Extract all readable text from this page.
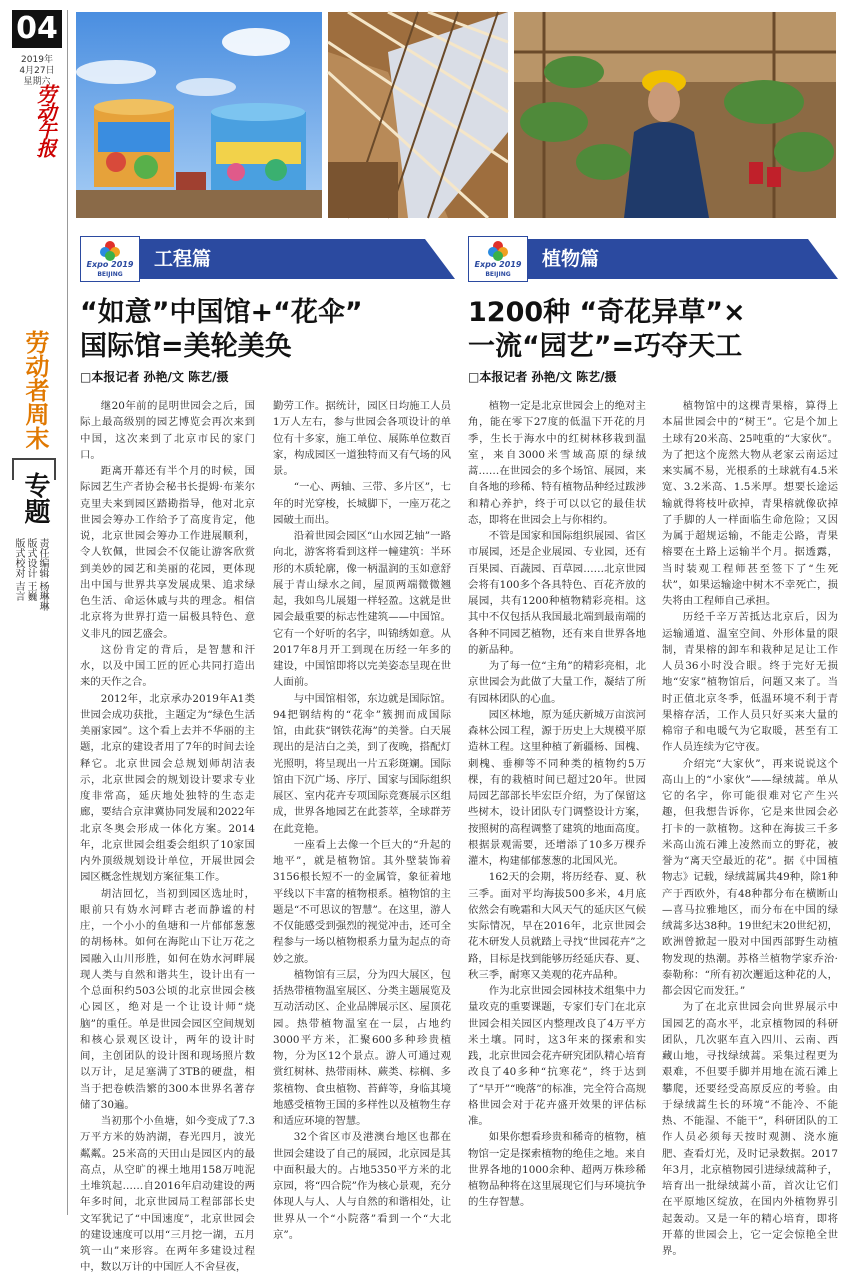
04
2019年
4月27日
星期六
劳动午报
劳动者周末
专题
责任编辑 杨琳琳
版式设计 王巍
版式校对 吉言
Expo 2019
BEIJING
工程篇
“如意”中国馆+“花伞”
国际馆=美轮美奂
□本报记者 孙艳/文 陈艺/摄

继20年前的昆明世园会之后，国际上最高级别的园艺博览会再次来到中国，这次来到了北京市民的家门口。

距离开幕还有半个月的时候，国际园艺生产者协会秘书长提姆·布莱尔克里夫来到园区踏勘指导，他对北京世园会筹办工作给予了高度肯定，他说，北京世园会筹办工作进展顺利，令人钦佩，世园会不仅能让游客欣赏到美妙的园艺和美丽的花园，更体现出中国与世界共享发展成果、追求绿色生活、命运休戚与共的理念。相信北京将为世界打造一届极具特色、意义非凡的园艺盛会。

这份肯定的背后，是智慧和汗水，以及中国工匠的匠心共同打造出来的天作之合。

2012年，北京承办2019年A1类世园会成功获批，主题定为“绿色生活 美丽家园”。这个看上去并不华丽的主题，北京的建设者用了7年的时间去诠释它。北京世园会总规划师胡洁表示，北京世园会的规划设计要求专业度非常高，延庆地处独特的生态走廊，要结合京津冀协同发展和2022年北京冬奥会形成一体化方案。2014年，北京世园会组委会组织了10家国内外顶级规划设计单位，开展世园会园区概念性规划方案征集工作。

胡洁回忆，当初到园区选址时，眼前只有妫水河畔古老而静谧的村庄，一个小小的鱼塘和一片郁郁葱葱的胡杨林。如何在海陀山下让万花之园融入山川形胜，如何在妫水河畔展现人类与自然和谐共生，设计出有一个总面积约503公顷的北京世园会核心园区，绝对是一个让设计师“烧脑”的重任。单是世园会园区空间规划和核心景观区设计，两年的设计时间，主创团队的设计图和现场照片数以万计，足足塞满了3TB的硬盘，相当于把卷帙浩繁的300本世界名著存储了30遍。

当初那个小鱼塘，如今变成了7.3万平方米的妫汭湖，春光四月，波光粼粼。25米高的天田山是园区内的最高点，从空旷的裸土地用158万吨泥土堆筑起……自2016年启动建设的两年多时间，北京世园局工程部部长史文军犹记了“中国速度”，北京世园会的建设速度可以用“三月挖一湖，五月筑一山”来形容。在两年多建设过程中，数以万计的中国匠人不舍昼夜，

勤劳工作。据统计，园区日均施工人员1万人左右，参与世园会各项设计的单位有十多家，施工单位、展陈单位数百家，构成园区一道独特而又有气场的风景。

“一心、两轴、三带、多片区”，七年的时光穿梭，长城脚下，一座万花之园破土而出。

沿着世园会园区“山水园艺轴”一路向北，游客将看到这样一幢建筑：半环形的木质轮廓，像一柄温润的玉如意舒展于青山绿水之间，屋顶两端微微翘起，我如鸟儿展翅一样轻盈。这就是世园会最重要的标志性建筑——中国馆。它有一个好听的名字，叫锦绣如意。从2017年8月开工到现在历经一年多的建设，中国馆即将以完美姿态呈现在世人面前。

与中国馆相邻，东边就是国际馆。94把钢结构的“花伞”簇拥而成国际馆，由此获“钢铁花海”的美誉。白天展现出的是洁白之美，到了夜晚，搭配灯光照明，将呈现出一片五彩斑斓。国际馆由下沉广场、序厅、国家与国际组织展区、室内花卉专项国际竞赛展示区组成，世界各地园艺在此荟萃，全球群芳在此竞艳。

一座看上去像一个巨大的“升起的地平”，就是植物馆。其外壁装饰着3156根长短不一的金属管，象征着地平线以下丰富的植物根系。植物馆的主题是“不可思议的智慧”。在这里，游人不仅能感受到强烈的视觉冲击，还可全程参与一场以植物根系力量为起点的奇妙之旅。

植物馆有三层，分为四大展区，包括热带植物温室展区、分类主题展览及互动活动区、企业品牌展示区、屋顶花园。热带植物温室在一层，占地约3000平方米，汇聚600多种珍贵植物，分为区12个景点。游人可通过观赏红树林、热带雨林、蕨类、棕榈、多浆植物、食虫植物、苔藓等，身临其境地感受植物王国的多样性以及植物生存和适应环境的智慧。

32个省区市及港澳台地区也都在世园会建设了自己的展园，北京园是其中面积最大的。占地5350平方米的北京园，将“四合院”作为核心景观，充分体现人与人、人与自然的和谐相处，让世界从一个“小院落”看到一个“大北京”。

Expo 2019
BEIJING
植物篇
1200种 “奇花异草”×
一流“园艺”=巧夺天工
□本报记者 孙艳/文 陈艺/摄

植物一定是北京世园会上的绝对主角，能在零下27度的低温下开花的月季，生长于海水中的红树林移栽到温室，来自3000米雪域高原的绿绒蒿……在世园会的多个场馆、展园，来自各地的珍稀、特有植物品种经过跋涉和精心养护，终于可以以它的最佳状态，即将在世园会上与你相约。

不管是国家和国际组织展园、省区市展园，还是企业展园、专业园，还有百果园、百蔬园、百草园……北京世园会将有100多个各具特色、百花齐放的展园，共有1200种植物精彩亮相。这其中不仅包括从我国最北端到最南端的各种不同园艺植物，还有来自世界各地的新品种。

为了每一位“主角”的精彩亮相，北京世园会为此做了大量工作，凝结了所有园林团队的心血。

园区林地，原为延庆新城万亩滨河森林公园工程，源于历史上大规模平原造林工程。这里种植了新疆杨、国槐、刺槐、垂柳等不同种类的植物约5万棵，有的栽植时间已超过20年。世园局园艺部部长毕宏臣介绍，为了保留这些树木，设计团队专门调整设计方案，按照树的高程调整了建筑的地面高度。根据景观需要，还增添了10多万棵乔灌木，构建郁郁葱葱的北国风光。

162天的会期，将历经春、夏、秋三季。面对平均海拔500多米，4月底依然会有晚霜和大风天气的延庆区气候实际情况，早在2016年，北京世园会花木研发人员就踏上寻找“世园花卉”之路，目标是找到能够历经延庆春、夏、秋三季，耐寒又美观的花卉品种。

作为北京世园会园林技术组集中力量攻克的重要课题，专家们专门在北京世园会相关园区内整理改良了4万平方米土壤。同时，这3年来的探索和实践，北京世园会花卉研究团队精心培育改良了40多种“抗寒花”，终于达到了“早开”“晚落”的标准，完全符合高规格世园会对于花卉盛开效果的评估标准。

如果你想看珍贵和稀奇的植物，植物馆一定是探索植物的绝佳之地。来自世界各地的1000余种、超两万株珍稀植物品种将在这里展现它们与环境抗争的生存智慧。

植物馆中的这棵青果榕，算得上本届世园会中的“树王”。它是个加上土球有20米高、25吨重的“大家伙”。为了把这个庞然大物从老家云南运过来实属不易，光根系的土球就有4.5米宽、3.2米高、1.5米厚。想要长途运输就得将枝叶砍掉，青果榕就像砍掉了手脚的人一样面临生命危险；又因为属于超规运输，不能走公路，青果榕要在土路上运输半个月。据透露，当时装观工程师甚至签下了“生死状”，如果运输途中树木不幸死亡，损失将由工程师自己承担。

历经千辛万苦抵达北京后，因为运输通道、温室空间、外形体量的限制，青果榕的卸车和栽种足足让工作人员36小时没合眼。终于完好无损地“安家”植物馆后，问题又来了。当时正值北京冬季，低温环境不利于青果榕存活，工作人员只好买来大量的棉帘子和电暖气为它取暖，甚至有工作人员连续为它守夜。

介绍完“大家伙”，再来说说这个高山上的“小家伙”——绿绒蒿。单从它的名字，你可能很难对它产生兴趣，但我想告诉你，它是来世园会必打卡的一款植物。这种在海拔三千多米高山流石滩上凌然而立的野花，被誉为“离天空最近的花”。据《中国植物志》记载，绿绒蒿属共49种，除1种产于西欧外，有48种都分布在横断山—喜马拉雅地区，而分布在中国的绿绒蒿多达38种。19世纪末20世纪初，欧洲曾掀起一股对中国西部野生动植物发现的热潮。苏格兰植物学家乔治·泰勒称：“所有初次邂逅这种花的人，都会因它而发狂。”

为了在北京世园会向世界展示中国园艺的高水平，北京植物园的科研团队，几次驱车直入四川、云南、西藏山地，寻找绿绒蒿。采集过程更为艰难，不但要手脚并用地在流石滩上攀爬，还要经受高原反应的考验。由于绿绒蒿生长的环境“不能冷、不能热、不能湿、不能干”，科研团队的工作人员必须每天按时观测、浇水施肥、查看灯光，及时记录数据。2017年3月，北京植物园引进绿绒蒿种子，培育出一批绿绒蒿小苗，首次让它们在平原地区绽放，在国内外植物界引起轰动。又是一年的精心培育，即将开幕的世园会上，它一定会惊艳全世界。
